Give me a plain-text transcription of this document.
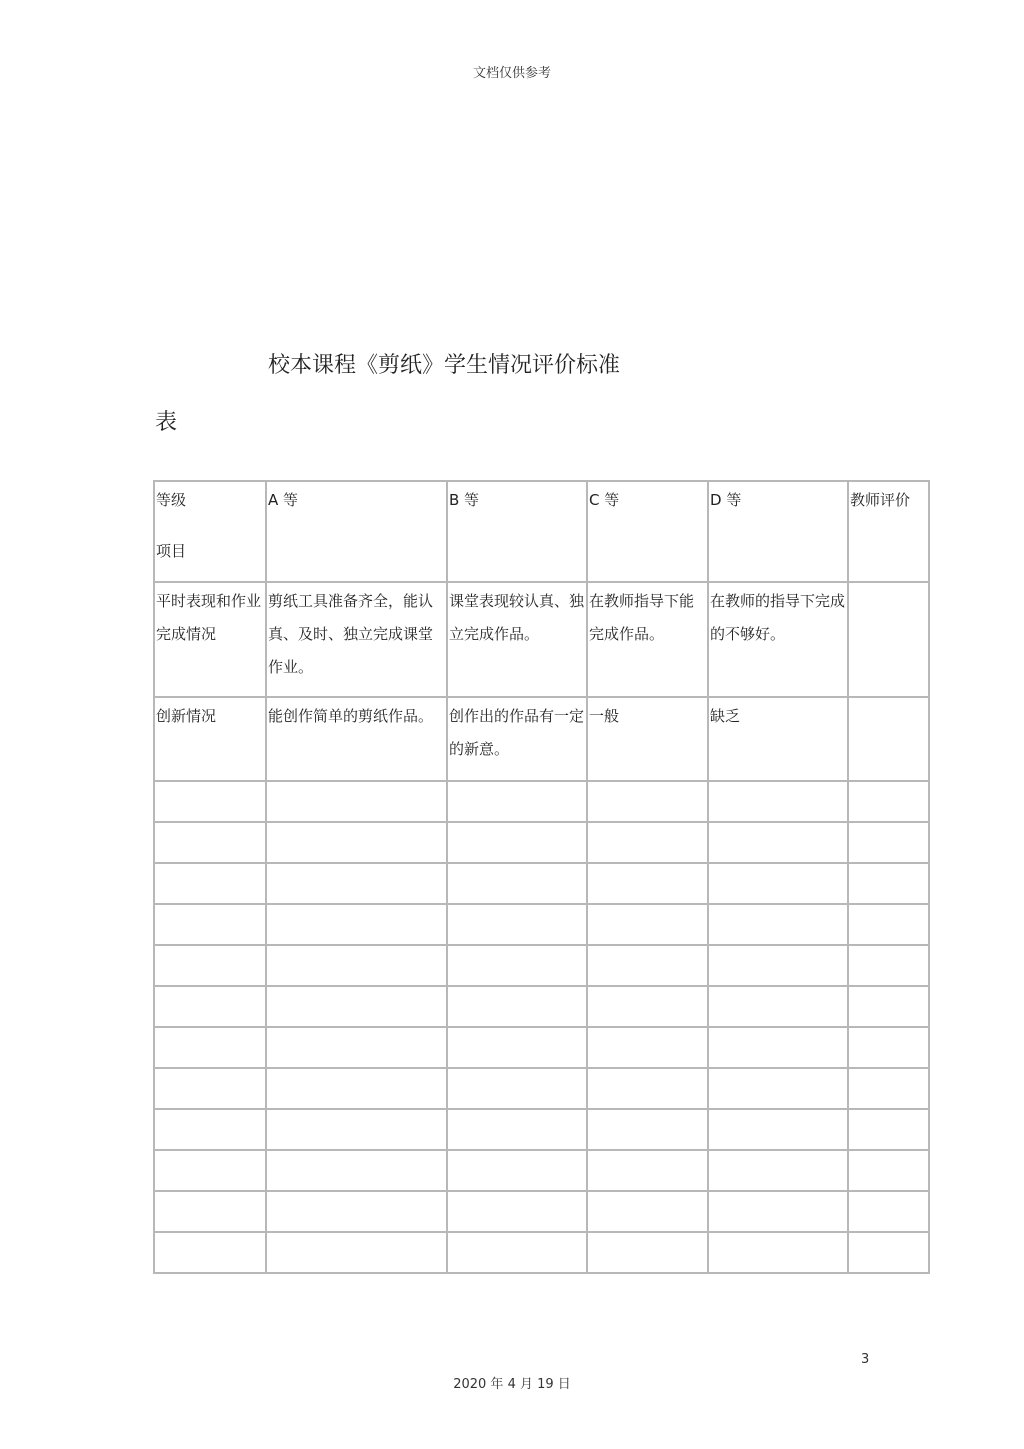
文档仅供参考
校本课程《剪纸》学生情况评价标准
表
等级
项目	A 等	B 等	C 等	D 等	教师评价

平时表现和作业完成情况	剪纸工具准备齐全，能认真、及时、独立完成课堂作业。	课堂表现较认真、独立完成作品。	在教师指导下能完成作品。	在教师的指导下完成的不够好。	

创新情况	能创作简单的剪纸作品。	创作出的作品有一定的新意。	一般	缺乏	

3
2020 年 4 月 19 日
